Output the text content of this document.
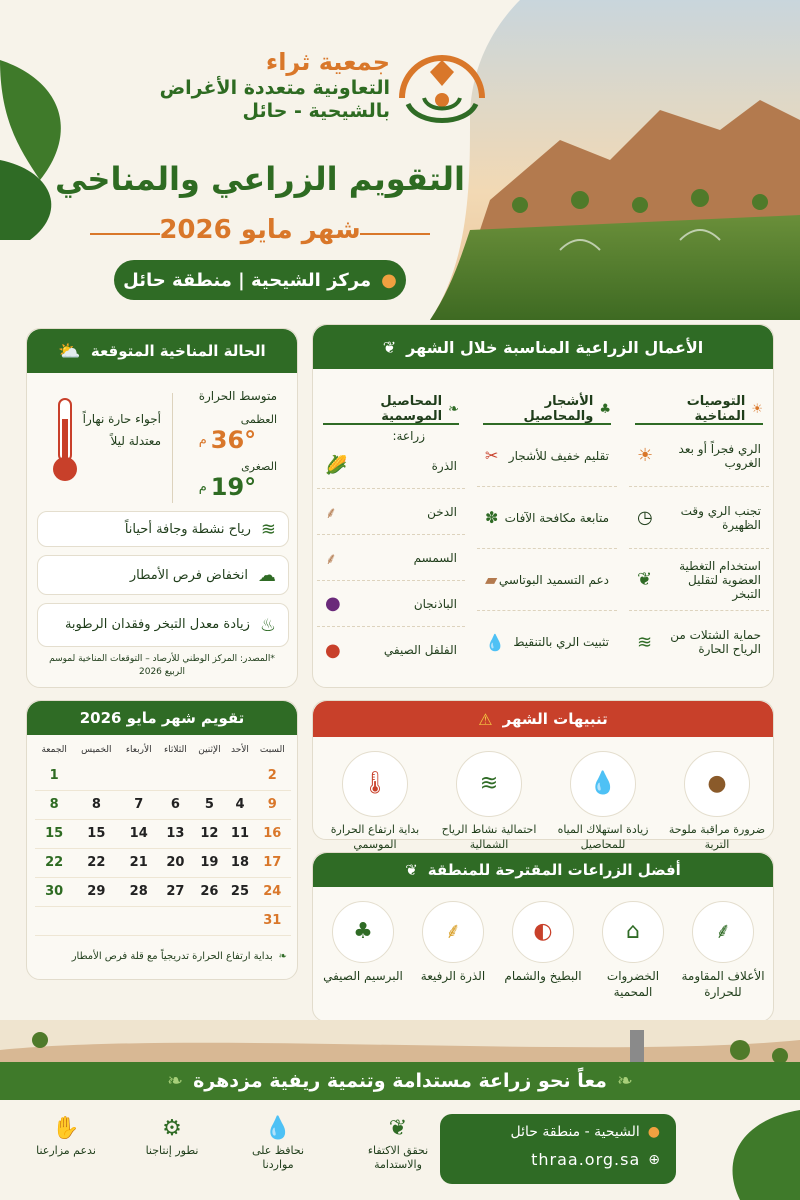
جمعية ثراء
التعاونية متعددة الأغراض
بالشيحية - حائل
التقويم الزراعي والمناخي
شهر مايو 2026
●
مركز الشيحية | منطقة حائل
الحالة المناخية المتوقعة
⛅
متوسط الحرارة
العظمى
36°
م
الصغرى
19°
م
أجواء حارة نهاراً
معتدلة ليلاً
≋
رياح نشطة وجافة أحياناً
☁
انخفاض فرص الأمطار
♨
زيادة معدل التبخر وفقدان الرطوبة
*المصدر: المركز الوطني للأرصاد – التوقعات المناخية لموسم الربيع 2026
الأعمال الزراعية المناسبة خلال الشهر
❦
☀
التوصيات المناخية
الري فجراً أو بعد الغروب
☀
تجنب الري وقت الظهيرة
◷
استخدام التغطية العضوية لتقليل التبخر
❦
حماية الشتلات من الرياح الحارة
≋
♣
الأشجار والمحاصيل
تقليم خفيف للأشجار
✂
متابعة مكافحة الآفات
✽
دعم التسميد البوتاسي
▰
تثبيت الري بالتنقيط
💧
❧
المحاصيل الموسمية
زراعة:
الذرة
🌽
الدخن
⸙
السمسم
⸙
الباذنجان
●
الفلفل الصيفي
●
تقويم شهر مايو 2026
السبت	الأحد	الإثنين	الثلاثاء	الأربعاء	الخميس	الجمعة
2						1
9	4	5	6	7	8	8
16	11	12	13	14	15	15
17	18	19	20	21	22	22
24	25	26	27	28	29	30
31						
❧
بداية ارتفاع الحرارة تدريجياً مع قلة فرص الأمطار
تنبيهات الشهر
⚠
●
ضرورة مراقبة ملوحة التربة
💧
زيادة استهلاك المياه للمحاصيل
≋
احتمالية نشاط الرياح الشمالية
🌡
بداية ارتفاع الحرارة الموسمي
أفضل الزراعات المقترحة للمنطقة
❦
⸙
الأعلاف المقاومة للحرارة
⌂
الخضروات المحمية
◐
البطيخ والشمام
⸙
الذرة الرفيعة
♣
البرسيم الصيفي
❧
معاً نحو زراعة مستدامة وتنمية ريفية مزدهرة
❧
❦
نحقق الاكتفاء والاستدامة
💧
نحافظ على مواردنا
⚙
نطور إنتاجنا
✋
ندعم مزارعنا
●
الشيحية - منطقة حائل
⊕
thraa.org.sa
